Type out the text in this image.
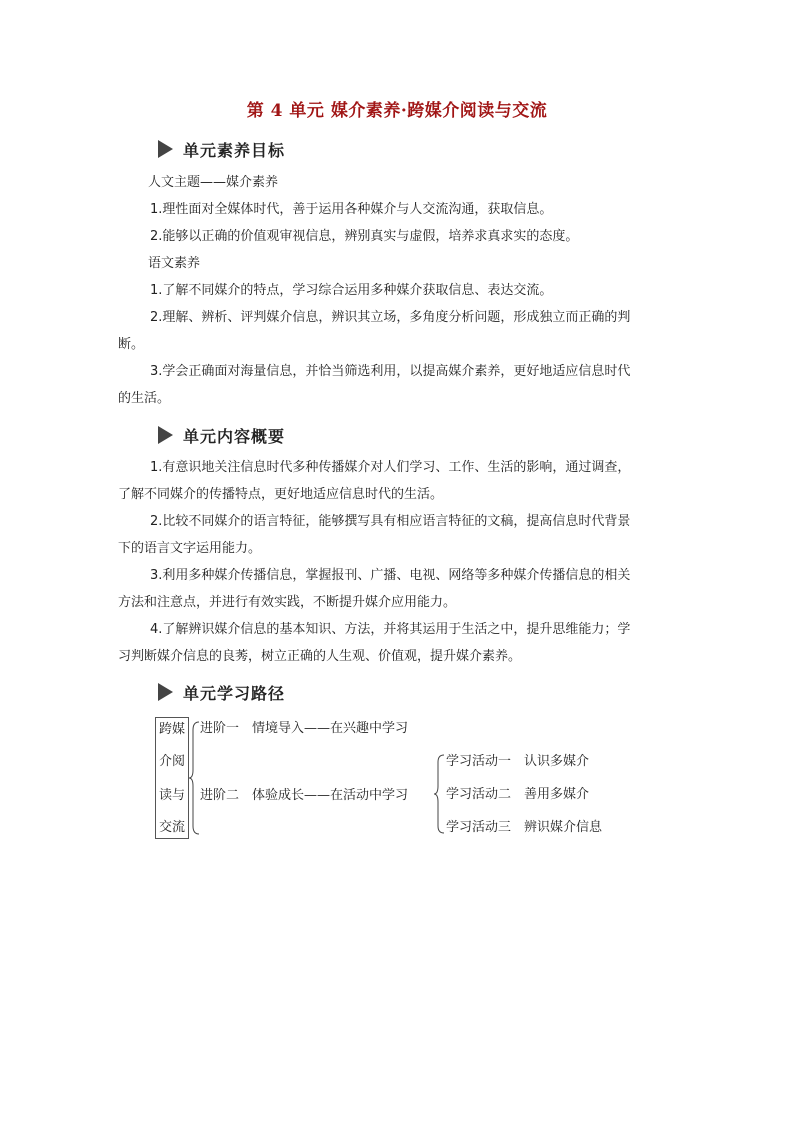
第 4 单元 媒介素养·跨媒介阅读与交流
单元素养目标
人文主题——媒介素养
1.理性面对全媒体时代，善于运用各种媒介与人交流沟通，获取信息。
2.能够以正确的价值观审视信息，辨别真实与虚假，培养求真求实的态度。
语文素养
1.了解不同媒介的特点，学习综合运用多种媒介获取信息、表达交流。
2.理解、辨析、评判媒介信息，辨识其立场，多角度分析问题，形成独立而正确的判
断。
3.学会正确面对海量信息，并恰当筛选利用，以提高媒介素养，更好地适应信息时代
的生活。
单元内容概要
1.有意识地关注信息时代多种传播媒介对人们学习、工作、生活的影响，通过调查，
了解不同媒介的传播特点，更好地适应信息时代的生活。
2.比较不同媒介的语言特征，能够撰写具有相应语言特征的文稿，提高信息时代背景
下的语言文字运用能力。
3.利用多种媒介传播信息，掌握报刊、广播、电视、网络等多种媒介传播信息的相关
方法和注意点，并进行有效实践，不断提升媒介应用能力。
4.了解辨识媒介信息的基本知识、方法，并将其运用于生活之中，提升思维能力；学
习判断媒介信息的良莠，树立正确的人生观、价值观，提升媒介素养。
单元学习路径
跨媒
介阅
读与
交流
进阶一　情境导入——在兴趣中学习
进阶二　体验成长——在活动中学习
学习活动一　认识多媒介
学习活动二　善用多媒介
学习活动三　辨识媒介信息
